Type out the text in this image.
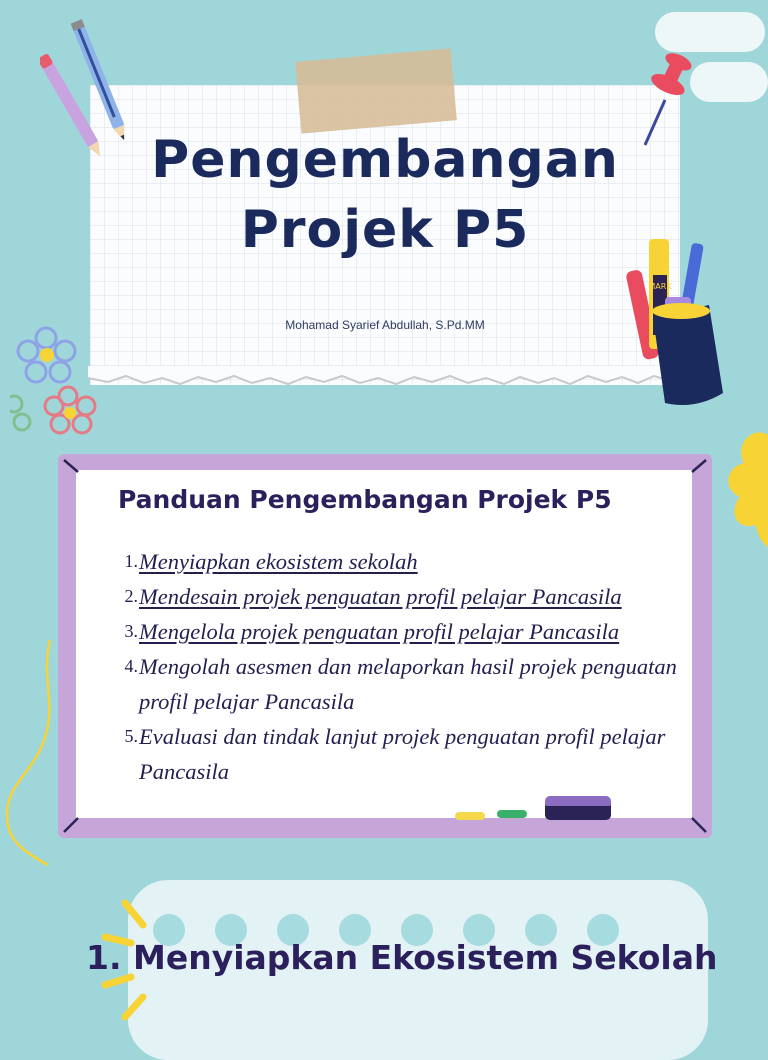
MARK
Pengembangan
Projek P5
Mohamad Syarief Abdullah, S.Pd.MM
Panduan Pengembangan Projek P5
1. Menyiapkan ekosistem sekolah
2. Mendesain projek penguatan profil pelajar Pancasila
3. Mengelola projek penguatan profil pelajar Pancasila
4. Mengolah asesmen dan melaporkan hasil projek penguatan profil pelajar Pancasila
5. Evaluasi dan tindak lanjut projek penguatan profil pelajar Pancasila
1. Menyiapkan Ekosistem Sekolah
